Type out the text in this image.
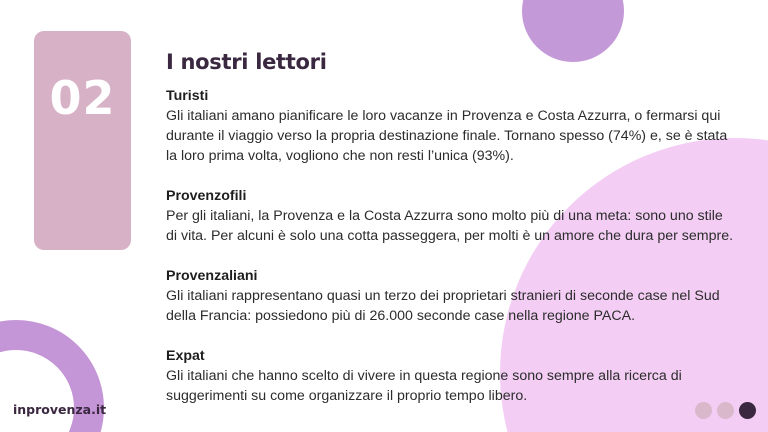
02
I nostri lettori
Turisti

Gli italiani amano pianificare le loro vacanze in Provenza e Costa Azzurra, o fermarsi qui durante il viaggio verso la propria destinazione finale. Tornano spesso (74%) e, se è stata la loro prima volta, vogliono che non resti l’unica (93%).

Provenzofili

Per gli italiani, la Provenza e la Costa Azzurra sono molto più di una meta: sono uno stile di vita. Per alcuni è solo una cotta passeggera, per molti è un amore che dura per sempre.

Provenzaliani

Gli italiani rappresentano quasi un terzo dei proprietari stranieri di seconde case nel Sud della Francia: possiedono più di 26.000 seconde case nella regione PACA.

Expat

Gli italiani che hanno scelto di vivere in questa regione sono sempre alla ricerca di suggerimenti su come organizzare il proprio tempo libero.

inprovenza.it
